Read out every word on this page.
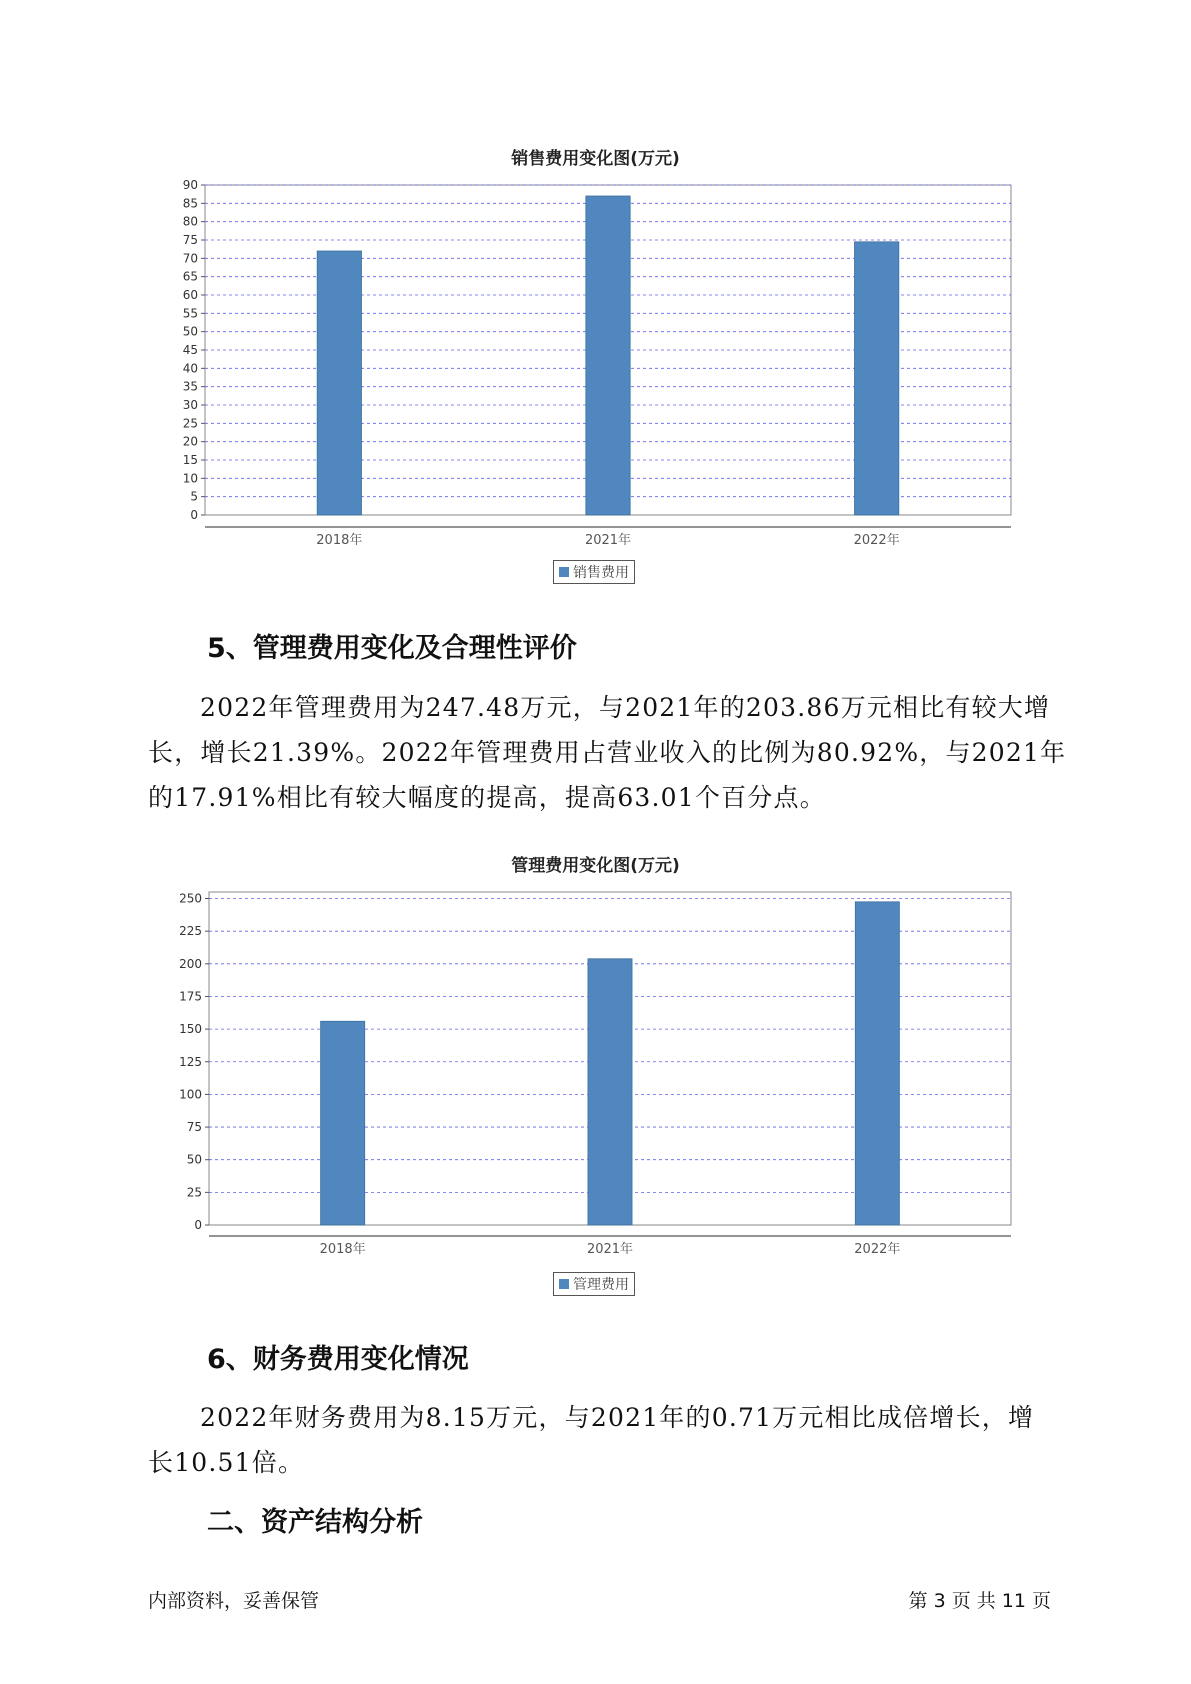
销售费用变化图(万元)
0
5
10
15
20
25
30
35
40
45
50
55
60
65
70
75
80
85
90
2018年	2021年	2022年
销售费用
5、管理费用变化及合理性评价
2022年管理费用为247.48万元，与2021年的203.86万元相比有较大增
长，增长21.39%。2022年管理费用占营业收入的比例为80.92%，与2021年
的17.91%相比有较大幅度的提高，提高63.01个百分点。
管理费用变化图(万元)
0
25
50
75
100
125
150
175
200
225
250
2018年	2021年	2022年
管理费用
6、财务费用变化情况
2022年财务费用为8.15万元，与2021年的0.71万元相比成倍增长，增
长10.51倍。
二、资产结构分析
内部资料，妥善保管	第 3 页 共 11 页
